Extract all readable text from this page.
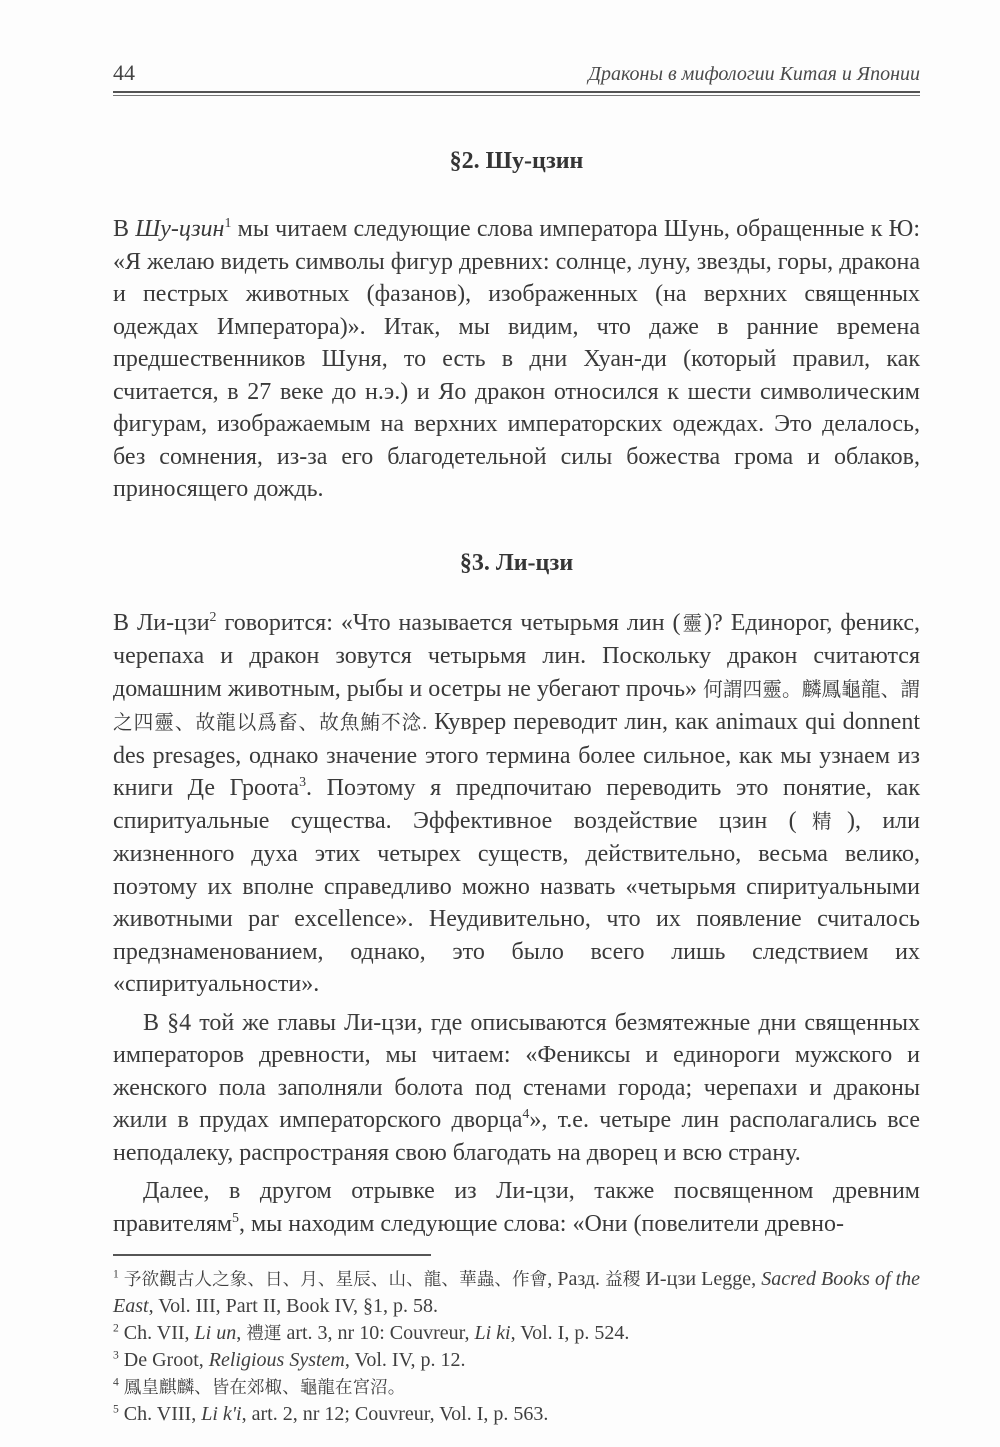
44	Драконы в мифологии Китая и Японии
§2. Шу-цзин

В Шу-цзин$^1$ мы читаем следующие слова императора Шунь, обращенные к Ю: «Я желаю видеть символы фигур древних: солнце, луну, звезды, горы, дракона и пестрых животных (фазанов), изображенных (на верхних священных одеждах Императора)». Итак, мы видим, что даже в ранние времена предшественников Шуня, то есть в дни Хуан-ди (который правил, как считается, в 27 веке до н.э.) и Яо дракон относился к шести символическим фигурам, изображаемым на верхних императорских одеждах. Это делалось, без сомнения, из-за его благодетельной силы божества грома и облаков, приносящего дождь.

§3. Ли-цзи

В Ли-цзи$^2$ говорится: «Что называется четырьмя лин (靈)? Единорог, феникс, черепаха и дракон зовутся четырьмя лин. Поскольку дракон считаются домашним животным, рыбы и осетры не убегают прочь» 何謂四靈。麟鳳龜龍、謂之四靈、故龍以爲畜、故魚鮪不淰. Куврер переводит лин, как animaux qui donnent des presages, однако значение этого термина более сильное, как мы узнаем из книги Де Гроота$^3$. Поэтому я предпочитаю переводить это понятие, как спиритуальные существа. Эффективное воздействие цзин (精), или жизненного духа этих четырех существ, действительно, весьма велико, поэтому их вполне справедливо можно назвать «четырьмя спиритуальными животными par excellence». Неудивительно, что их появление считалось предзнаменованием, однако, это было всего лишь следствием их «спиритуальности».

В §4 той же главы Ли-цзи, где описываются безмятежные дни священных императоров древности, мы читаем: «Фениксы и единороги мужского и женского пола заполняли болота под стенами города; черепахи и драконы жили в прудах императорского дворца$^4$», т.е. четыре лин располагались все неподалеку, распространяя свою благодать на дворец и всю страну.

Далее, в другом отрывке из Ли-цзи, также посвященном древним правителям$^5$, мы находим следующие слова: «Они (повелители древно-

$^1$ 予欲觀古人之象、日、月、星辰、山、龍、華蟲、作會, Разд. 益稷 И-цзи Legge, Sacred Books of the East, Vol. III, Part II, Book IV, §1, p. 58.

$^2$ Ch. VII, Li un, 禮運 art. 3, nr 10: Couvreur, Li ki, Vol. I, p. 524.

$^3$ De Groot, Religious System, Vol. IV, p. 12.

$^4$ 鳳皇麒麟、皆在郊棷、龜龍在宮沼。

$^5$ Ch. VIII, Li k'i, art. 2, nr 12; Couvreur, Vol. I, p. 563.
